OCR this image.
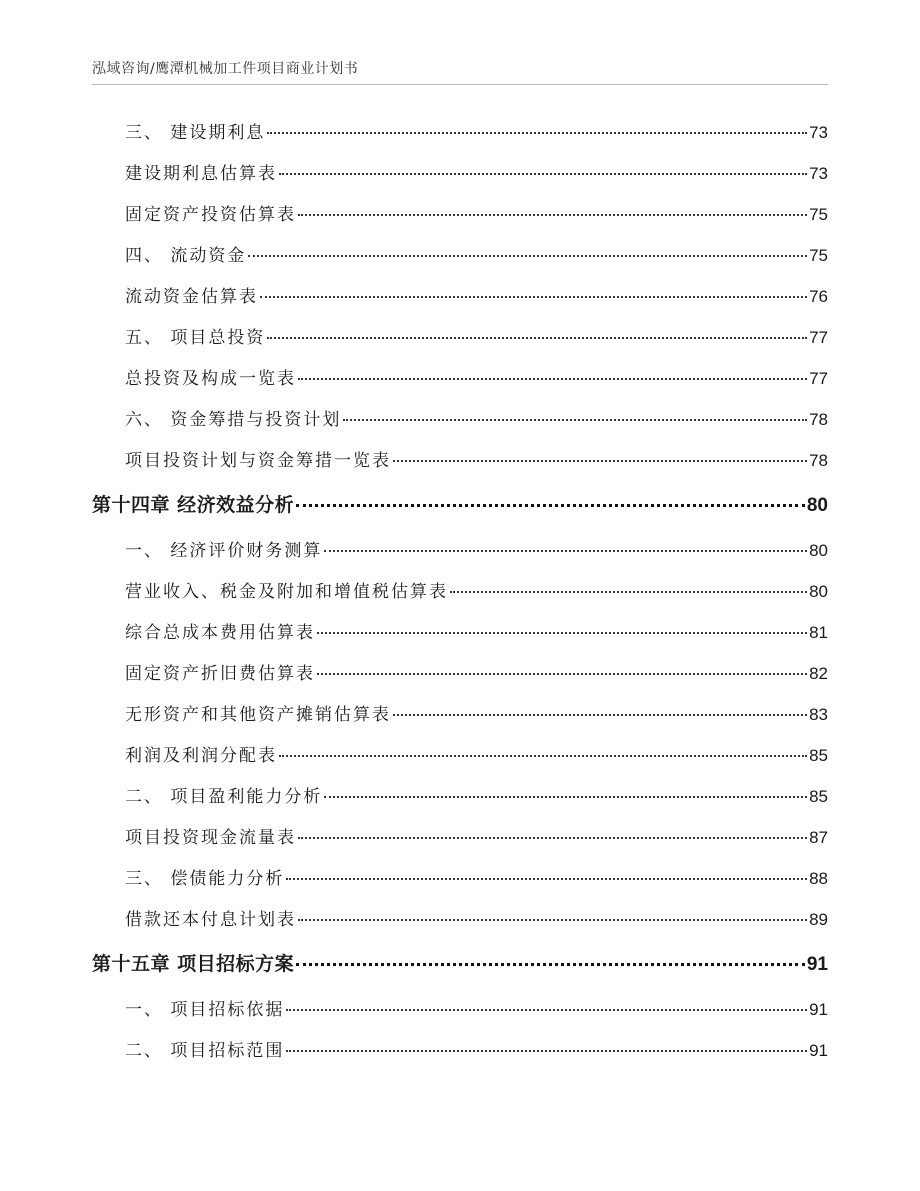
泓域咨询/鹰潭机械加工件项目商业计划书
三、 建设期利息	73
建设期利息估算表	73
固定资产投资估算表	75
四、 流动资金	75
流动资金估算表	76
五、 项目总投资	77
总投资及构成一览表	77
六、 资金筹措与投资计划	78
项目投资计划与资金筹措一览表	78
第十四章 经济效益分析	80
一、 经济评价财务测算	80
营业收入、税金及附加和增值税估算表	80
综合总成本费用估算表	81
固定资产折旧费估算表	82
无形资产和其他资产摊销估算表	83
利润及利润分配表	85
二、 项目盈利能力分析	85
项目投资现金流量表	87
三、 偿债能力分析	88
借款还本付息计划表	89
第十五章 项目招标方案	91
一、 项目招标依据	91
二、 项目招标范围	91
